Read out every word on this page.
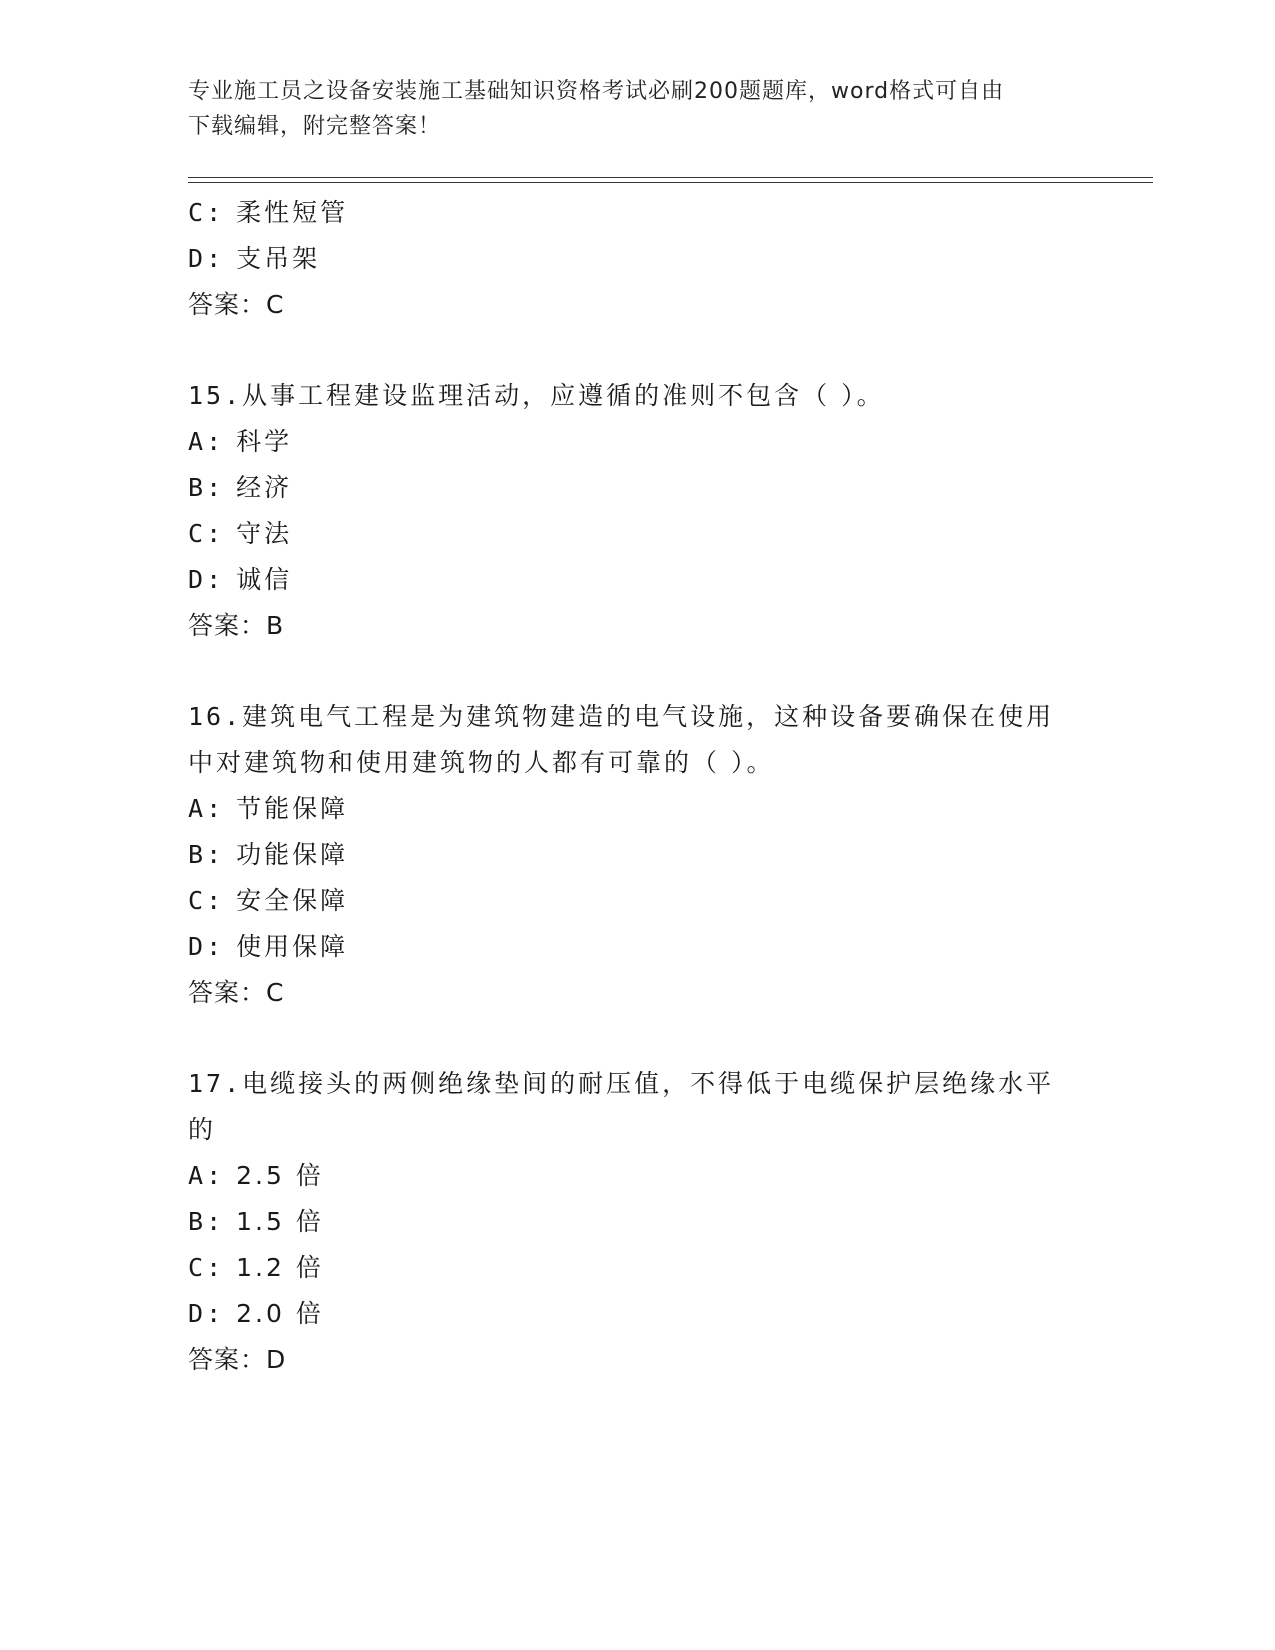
专业施工员之设备安装施工基础知识资格考试必刷200题题库，word格式可自由
下载编辑，附完整答案！
C: 柔性短管
D: 支吊架
答案：C
15.从事工程建设监理活动，应遵循的准则不包含（ ）。
A: 科学
B: 经济
C: 守法
D: 诚信
答案：B
16.建筑电气工程是为建筑物建造的电气设施，这种设备要确保在使用
中对建筑物和使用建筑物的人都有可靠的（ ）。
A: 节能保障
B: 功能保障
C: 安全保障
D: 使用保障
答案：C
17.电缆接头的两侧绝缘垫间的耐压值，不得低于电缆保护层绝缘水平
的
A: 2.5 倍
B: 1.5 倍
C: 1.2 倍
D: 2.0 倍
答案：D
